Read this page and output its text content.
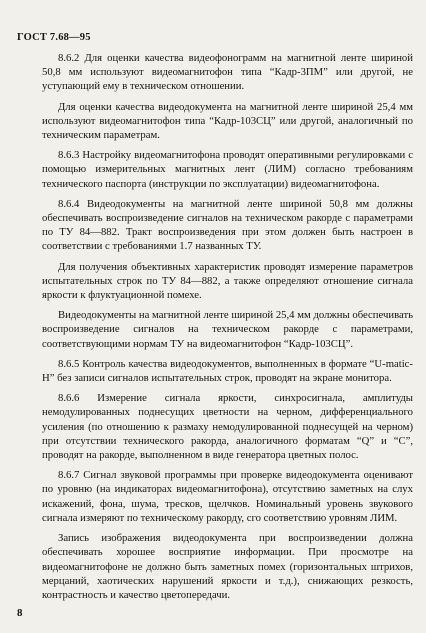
ГОСТ 7.68—95

8.6.2 Для оценки качества видеофонограмм на магнитной ленте шириной 50,8 мм используют видеомагнитофон типа “Кадр-3ПМ” или другой, не уступающий ему в техническом отношении.

Для оценки качества видеодокумента на магнитной ленте шириной 25,4 мм используют видеомагнитофон типа “Кадр-103СЦ” или другой, аналогичный по техническим параметрам.

8.6.3 Настройку видеомагнитофона проводят оперативными регулировками с помощью измерительных магнитных лент (ЛИМ) согласно требованиям технического паспорта (инструкции по эксплуатации) видеомагнитофона.

8.6.4 Видеодокументы на магнитной ленте шириной 50,8 мм должны обеспечивать воспроизведение сигналов на техническом ракорде с параметрами по ТУ 84—882. Тракт воспроизведения при этом должен быть настроен в соответствии с требованиями 1.7 названных ТУ.

Для получения объективных характеристик проводят измерение параметров испытательных строк по ТУ 84—882, а также определяют отношение сигнала яркости к флуктуационной помехе.

Видеодокументы на магнитной ленте шириной 25,4 мм должны обеспечивать воспроизведение сигналов на техническом ракорде с параметрами, соответствующими нормам ТУ на видеомагнитофон “Кадр-103СЦ”.

8.6.5 Контроль качества видеодокументов, выполненных в формате “U-matic-H” без записи сигналов испытательных строк, проводят на экране монитора.

8.6.6 Измерение сигнала яркости, синхросигнала, амплитуды немодулированных поднесущих цветности на черном, дифференциального усиления (по отношению к размаху немодулированной поднесущей на черном) при отсутствии технического ракорда, аналогичного форматам “Q” и “С”, проводят на ракорде, выполненном в виде генератора цветных полос.

8.6.7 Сигнал звуковой программы при проверке видеодокумента оценивают по уровню (на индикаторах видеомагнитофона), отсутствию заметных на слух искажений, фона, шума, тресков, щелчков. Номинальный уровень звукового сигнала измеряют по техническому ракорду, сго соответствию уровням ЛИМ.

Запись изображения видеодокумента при воспроизведении должна обеспечивать хорошее восприятие информации. При просмотре на видеомагнитофоне не должно быть заметных помех (горизонтальных штрихов, мерцаний, хаотических нарушений яркости и т.д.), снижающих резкость, контрастность и качество цветопередачи.

8
